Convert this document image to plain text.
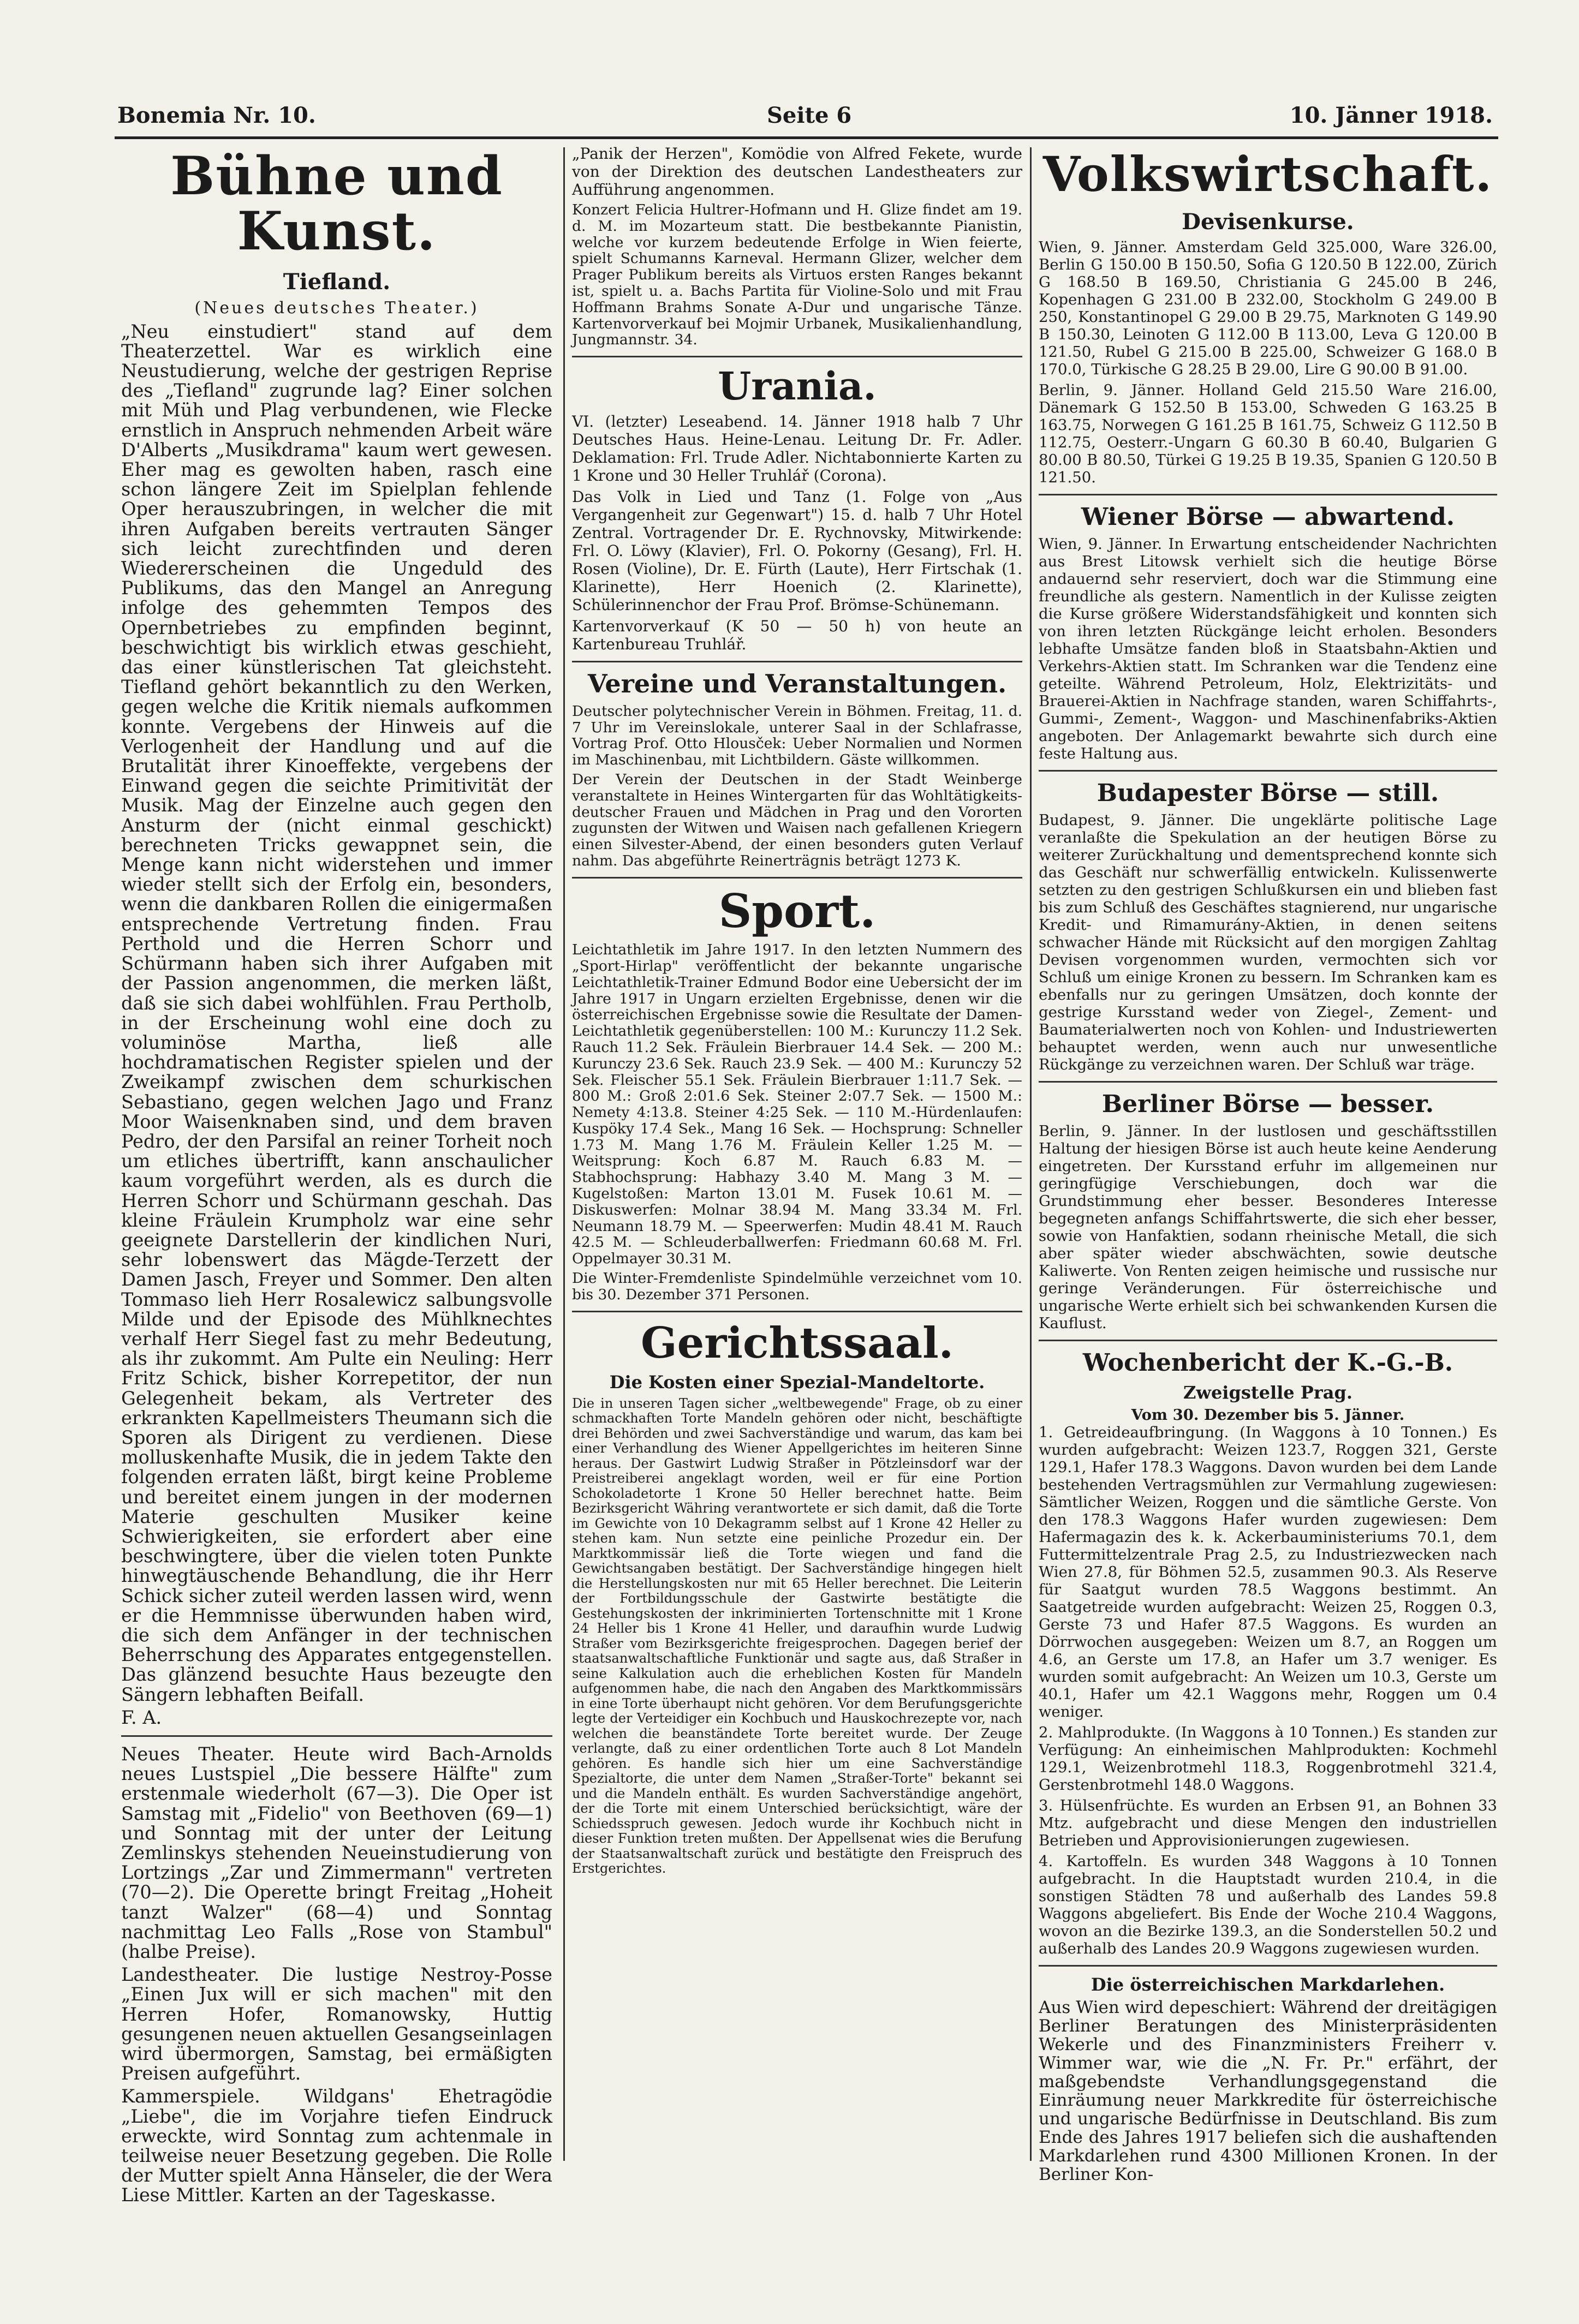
Bonemia Nr. 10.	Seite 6	10. Jänner 1918.
Bühne und Kunst.
Tiefland.
(Neues deutsches Theater.)

„Neu einstudiert" stand auf dem Theaterzettel. War es wirklich eine Neustudierung, welche der gestrigen Reprise des „Tiefland" zugrunde lag? Einer solchen mit Müh und Plag verbundenen, wie Flecke ernstlich in Anspruch nehmenden Arbeit wäre D'Alberts „Musikdrama" kaum wert gewesen. Eher mag es gewolten haben, rasch eine schon längere Zeit im Spielplan fehlende Oper herauszubringen, in welcher die mit ihren Aufgaben bereits vertrauten Sänger sich leicht zurechtfinden und deren Wiedererscheinen die Ungeduld des Publikums, das den Mangel an Anregung infolge des gehemmten Tempos des Opernbetriebes zu empfinden beginnt, beschwichtigt bis wirklich etwas geschieht, das einer künstlerischen Tat gleichsteht. Tiefland gehört bekanntlich zu den Werken, gegen welche die Kritik niemals aufkommen konnte. Vergebens der Hinweis auf die Verlogenheit der Handlung und auf die Brutalität ihrer Kinoeffekte, vergebens der Einwand gegen die seichte Primitivität der Musik. Mag der Einzelne auch gegen den Ansturm der (nicht einmal geschickt) berechneten Tricks gewappnet sein, die Menge kann nicht widerstehen und immer wieder stellt sich der Erfolg ein, besonders, wenn die dankbaren Rollen die einigermaßen entsprechende Vertretung finden. Frau Perthold und die Herren Schorr und Schürmann haben sich ihrer Aufgaben mit der Passion angenommen, die merken läßt, daß sie sich dabei wohlfühlen. Frau Pertholb, in der Erscheinung wohl eine doch zu voluminöse Martha, ließ alle hochdramatischen Register spielen und der Zweikampf zwischen dem schurkischen Sebastiano, gegen welchen Jago und Franz Moor Waisenknaben sind, und dem braven Pedro, der den Parsifal an reiner Torheit noch um etliches übertrifft, kann anschaulicher kaum vorgeführt werden, als es durch die Herren Schorr und Schürmann geschah. Das kleine Fräulein Krumpholz war eine sehr geeignete Darstellerin der kindlichen Nuri, sehr lobenswert das Mägde-Terzett der Damen Jasch, Freyer und Sommer. Den alten Tommaso lieh Herr Rosalewicz salbungsvolle Milde und der Episode des Mühlknechtes verhalf Herr Siegel fast zu mehr Bedeutung, als ihr zukommt. Am Pulte ein Neuling: Herr Fritz Schick, bisher Korrepetitor, der nun Gelegenheit bekam, als Vertreter des erkrankten Kapellmeisters Theumann sich die Sporen als Dirigent zu verdienen. Diese molluskenhafte Musik, die in jedem Takte den folgenden erraten läßt, birgt keine Probleme und bereitet einem jungen in der modernen Materie geschulten Musiker keine Schwierigkeiten, sie erfordert aber eine beschwingtere, über die vielen toten Punkte hinwegtäuschende Behandlung, die ihr Herr Schick sicher zuteil werden lassen wird, wenn er die Hemmnisse überwunden haben wird, die sich dem Anfänger in der technischen Beherrschung des Apparates entgegenstellen. Das glänzend besuchte Haus bezeugte den Sängern lebhaften Beifall.

F. A.

Neues Theater. Heute wird Bach-Arnolds neues Lustspiel „Die bessere Hälfte" zum erstenmale wiederholt (67—3). Die Oper ist Samstag mit „Fidelio" von Beethoven (69—1) und Sonntag mit der unter der Leitung Zemlinskys stehenden Neueinstudierung von Lortzings „Zar und Zimmermann" vertreten (70—2). Die Operette bringt Freitag „Hoheit tanzt Walzer" (68—4) und Sonntag nachmittag Leo Falls „Rose von Stambul" (halbe Preise).

Landestheater. Die lustige Nestroy-Posse „Einen Jux will er sich machen" mit den Herren Hofer, Romanowsky, Huttig gesungenen neuen aktuellen Gesangseinlagen wird übermorgen, Samstag, bei ermäßigten Preisen aufgeführt.

Kammerspiele. Wildgans' Ehetragödie „Liebe", die im Vorjahre tiefen Eindruck erweckte, wird Sonntag zum achtenmale in teilweise neuer Besetzung gegeben. Die Rolle der Mutter spielt Anna Hänseler, die der Wera Liese Mittler. Karten an der Tageskasse.

„Panik der Herzen", Komödie von Alfred Fekete, wurde von der Direktion des deutschen Landestheaters zur Aufführung angenommen.

Konzert Felicia Hultrer-Hofmann und H. Glize findet am 19. d. M. im Mozarteum statt. Die bestbekannte Pianistin, welche vor kurzem bedeutende Erfolge in Wien feierte, spielt Schumanns Karneval. Hermann Glizer, welcher dem Prager Publikum bereits als Virtuos ersten Ranges bekannt ist, spielt u. a. Bachs Partita für Violine-Solo und mit Frau Hoffmann Brahms Sonate A-Dur und ungarische Tänze. Kartenvorverkauf bei Mojmir Urbanek, Musikalienhandlung, Jungmannstr. 34.

Urania.

VI. (letzter) Leseabend. 14. Jänner 1918 halb 7 Uhr Deutsches Haus. Heine-Lenau. Leitung Dr. Fr. Adler. Deklamation: Frl. Trude Adler. Nichtabonnierte Karten zu 1 Krone und 30 Heller Truhlář (Corona).

Das Volk in Lied und Tanz (1. Folge von „Aus Vergangenheit zur Gegenwart") 15. d. halb 7 Uhr Hotel Zentral. Vortragender Dr. E. Rychnovsky, Mitwirkende: Frl. O. Löwy (Klavier), Frl. O. Pokorny (Gesang), Frl. H. Rosen (Violine), Dr. E. Fürth (Laute), Herr Firtschak (1. Klarinette), Herr Hoenich (2. Klarinette), Schülerinnenchor der Frau Prof. Brömse-Schünemann.

Kartenvorverkauf (K 50 — 50 h) von heute an Kartenbureau Truhlář.

Vereine und Veranstaltungen.

Deutscher polytechnischer Verein in Böhmen. Freitag, 11. d. 7 Uhr im Vereinslokale, unterer Saal in der Schlafrasse, Vortrag Prof. Otto Hlousček: Ueber Normalien und Normen im Maschinenbau, mit Lichtbildern. Gäste willkommen.

Der Verein der Deutschen in der Stadt Weinberge veranstaltete in Heines Wintergarten für das Wohltätigkeits-deutscher Frauen und Mädchen in Prag und den Vororten zugunsten der Witwen und Waisen nach gefallenen Kriegern einen Silvester-Abend, der einen besonders guten Verlauf nahm. Das abgeführte Reinerträgnis beträgt 1273 K.

Sport.

Leichtathletik im Jahre 1917. In den letzten Nummern des „Sport-Hirlap" veröffentlicht der bekannte ungarische Leichtathletik-Trainer Edmund Bodor eine Uebersicht der im Jahre 1917 in Ungarn erzielten Ergebnisse, denen wir die österreichischen Ergebnisse sowie die Resultate der Damen-Leichtathletik gegenüberstellen: 100 M.: Kurunczy 11.2 Sek. Rauch 11.2 Sek. Fräulein Bierbrauer 14.4 Sek. — 200 M.: Kurunczy 23.6 Sek. Rauch 23.9 Sek. — 400 M.: Kurunczy 52 Sek. Fleischer 55.1 Sek. Fräulein Bierbrauer 1:11.7 Sek. — 800 M.: Groß 2:01.6 Sek. Steiner 2:07.7 Sek. — 1500 M.: Nemety 4:13.8. Steiner 4:25 Sek. — 110 M.-Hürdenlaufen: Kuspöky 17.4 Sek., Mang 16 Sek. — Hochsprung: Schneller 1.73 M. Mang 1.76 M. Fräulein Keller 1.25 M. — Weitsprung: Koch 6.87 M. Rauch 6.83 M. — Stabhochsprung: Habhazy 3.40 M. Mang 3 M. — Kugelstoßen: Marton 13.01 M. Fusek 10.61 M. — Diskuswerfen: Molnar 38.94 M. Mang 33.34 M. Frl. Neumann 18.79 M. — Speerwerfen: Mudin 48.41 M. Rauch 42.5 M. — Schleuderballwerfen: Friedmann 60.68 M. Frl. Oppelmayer 30.31 M.

Die Winter-Fremdenliste Spindelmühle verzeichnet vom 10. bis 30. Dezember 371 Personen.

Gerichtssaal.
Die Kosten einer Spezial-Mandeltorte.

Die in unseren Tagen sicher „weltbewegende" Frage, ob zu einer schmackhaften Torte Mandeln gehören oder nicht, beschäftigte drei Behörden und zwei Sachverständige und warum, das kam bei einer Verhandlung des Wiener Appellgerichtes im heiteren Sinne heraus. Der Gastwirt Ludwig Straßer in Pötzleinsdorf war der Preistreiberei angeklagt worden, weil er für eine Portion Schokoladetorte 1 Krone 50 Heller berechnet hatte. Beim Bezirksgericht Währing verantwortete er sich damit, daß die Torte im Gewichte von 10 Dekagramm selbst auf 1 Krone 42 Heller zu stehen kam. Nun setzte eine peinliche Prozedur ein. Der Marktkommissär ließ die Torte wiegen und fand die Gewichtsangaben bestätigt. Der Sachverständige hingegen hielt die Herstellungskosten nur mit 65 Heller berechnet. Die Leiterin der Fortbildungsschule der Gastwirte bestätigte die Gestehungskosten der inkriminierten Tortenschnitte mit 1 Krone 24 Heller bis 1 Krone 41 Heller, und daraufhin wurde Ludwig Straßer vom Bezirksgerichte freigesprochen. Dagegen berief der staatsanwaltschaftliche Funktionär und sagte aus, daß Straßer in seine Kalkulation auch die erheblichen Kosten für Mandeln aufgenommen habe, die nach den Angaben des Marktkommissärs in eine Torte überhaupt nicht gehören. Vor dem Berufungsgerichte legte der Verteidiger ein Kochbuch und Hauskochrezepte vor, nach welchen die beanständete Torte bereitet wurde. Der Zeuge verlangte, daß zu einer ordentlichen Torte auch 8 Lot Mandeln gehören. Es handle sich hier um eine Sachverständige Spezialtorte, die unter dem Namen „Straßer-Torte" bekannt sei und die Mandeln enthält. Es wurden Sachverständige angehört, der die Torte mit einem Unterschied berücksichtigt, wäre der Schiedsspruch gewesen. Jedoch wurde ihr Kochbuch nicht in dieser Funktion treten mußten. Der Appellsenat wies die Berufung der Staatsanwaltschaft zurück und bestätigte den Freispruch des Erstgerichtes.

Volkswirtschaft.
Devisenkurse.

Wien, 9. Jänner. Amsterdam Geld 325.000, Ware 326.00, Berlin G 150.00 B 150.50, Sofia G 120.50 B 122.00, Zürich G 168.50 B 169.50, Christiania G 245.00 B 246, Kopenhagen G 231.00 B 232.00, Stockholm G 249.00 B 250, Konstantinopel G 29.00 B 29.75, Marknoten G 149.90 B 150.30, Leinoten G 112.00 B 113.00, Leva G 120.00 B 121.50, Rubel G 215.00 B 225.00, Schweizer G 168.0 B 170.0, Türkische G 28.25 B 29.00, Lire G 90.00 B 91.00.

Berlin, 9. Jänner. Holland Geld 215.50 Ware 216.00, Dänemark G 152.50 B 153.00, Schweden G 163.25 B 163.75, Norwegen G 161.25 B 161.75, Schweiz G 112.50 B 112.75, Oesterr.-Ungarn G 60.30 B 60.40, Bulgarien G 80.00 B 80.50, Türkei G 19.25 B 19.35, Spanien G 120.50 B 121.50.

Wiener Börse — abwartend.

Wien, 9. Jänner. In Erwartung entscheidender Nachrichten aus Brest Litowsk verhielt sich die heutige Börse andauernd sehr reserviert, doch war die Stimmung eine freundliche als gestern. Namentlich in der Kulisse zeigten die Kurse größere Widerstandsfähigkeit und konnten sich von ihren letzten Rückgänge leicht erholen. Besonders lebhafte Umsätze fanden bloß in Staatsbahn-Aktien und Verkehrs-Aktien statt. Im Schranken war die Tendenz eine geteilte. Während Petroleum, Holz, Elektrizitäts- und Brauerei-Aktien in Nachfrage standen, waren Schiffahrts-, Gummi-, Zement-, Waggon- und Maschinenfabriks-Aktien angeboten. Der Anlagemarkt bewahrte sich durch eine feste Haltung aus.

Budapester Börse — still.

Budapest, 9. Jänner. Die ungeklärte politische Lage veranlaßte die Spekulation an der heutigen Börse zu weiterer Zurückhaltung und dementsprechend konnte sich das Geschäft nur schwerfällig entwickeln. Kulissenwerte setzten zu den gestrigen Schlußkursen ein und blieben fast bis zum Schluß des Geschäftes stagnierend, nur ungarische Kredit- und Rimamurány-Aktien, in denen seitens schwacher Hände mit Rücksicht auf den morgigen Zahltag Devisen vorgenommen wurden, vermochten sich vor Schluß um einige Kronen zu bessern. Im Schranken kam es ebenfalls nur zu geringen Umsätzen, doch konnte der gestrige Kursstand weder von Ziegel-, Zement- und Baumaterialwerten noch von Kohlen- und Industriewerten behauptet werden, wenn auch nur unwesentliche Rückgänge zu verzeichnen waren. Der Schluß war träge.

Berliner Börse — besser.

Berlin, 9. Jänner. In der lustlosen und geschäftsstillen Haltung der hiesigen Börse ist auch heute keine Aenderung eingetreten. Der Kursstand erfuhr im allgemeinen nur geringfügige Verschiebungen, doch war die Grundstimmung eher besser. Besonderes Interesse begegneten anfangs Schiffahrtswerte, die sich eher besser, sowie von Hanfaktien, sodann rheinische Metall, die sich aber später wieder abschwächten, sowie deutsche Kaliwerte. Von Renten zeigen heimische und russische nur geringe Veränderungen. Für österreichische und ungarische Werte erhielt sich bei schwankenden Kursen die Kauflust.

Wochenbericht der K.-G.-B.
Zweigstelle Prag.
Vom 30. Dezember bis 5. Jänner.

1. Getreideaufbringung. (In Waggons à 10 Tonnen.) Es wurden aufgebracht: Weizen 123.7, Roggen 321, Gerste 129.1, Hafer 178.3 Waggons. Davon wurden bei dem Lande bestehenden Vertragsmühlen zur Vermahlung zugewiesen: Sämtlicher Weizen, Roggen und die sämtliche Gerste. Von den 178.3 Waggons Hafer wurden zugewiesen: Dem Hafermagazin des k. k. Ackerbauministeriums 70.1, dem Futtermittelzentrale Prag 2.5, zu Industriezwecken nach Wien 27.8, für Böhmen 52.5, zusammen 90.3. Als Reserve für Saatgut wurden 78.5 Waggons bestimmt. An Saatgetreide wurden aufgebracht: Weizen 25, Roggen 0.3, Gerste 73 und Hafer 87.5 Waggons. Es wurden an Dörrwochen ausgegeben: Weizen um 8.7, an Roggen um 4.6, an Gerste um 17.8, an Hafer um 3.7 weniger. Es wurden somit aufgebracht: An Weizen um 10.3, Gerste um 40.1, Hafer um 42.1 Waggons mehr, Roggen um 0.4 weniger.

2. Mahlprodukte. (In Waggons à 10 Tonnen.) Es standen zur Verfügung: An einheimischen Mahlprodukten: Kochmehl 129.1, Weizenbrotmehl 118.3, Roggenbrotmehl 321.4, Gerstenbrotmehl 148.0 Waggons.

3. Hülsenfrüchte. Es wurden an Erbsen 91, an Bohnen 33 Mtz. aufgebracht und diese Mengen den industriellen Betrieben und Approvisionierungen zugewiesen.

4. Kartoffeln. Es wurden 348 Waggons à 10 Tonnen aufgebracht. In die Hauptstadt wurden 210.4, in die sonstigen Städten 78 und außerhalb des Landes 59.8 Waggons abgeliefert. Bis Ende der Woche 210.4 Waggons, wovon an die Bezirke 139.3, an die Sonderstellen 50.2 und außerhalb des Landes 20.9 Waggons zugewiesen wurden.

Die österreichischen Markdarlehen.

Aus Wien wird depeschiert: Während der dreitägigen Berliner Beratungen des Ministerpräsidenten Wekerle und des Finanzministers Freiherr v. Wimmer war, wie die „N. Fr. Pr." erfährt, der maßgebendste Verhandlungsgegenstand die Einräumung neuer Markkredite für österreichische und ungarische Bedürfnisse in Deutschland. Bis zum Ende des Jahres 1917 beliefen sich die aushaftenden Markdarlehen rund 4300 Millionen Kronen. In der Berliner Kon-
